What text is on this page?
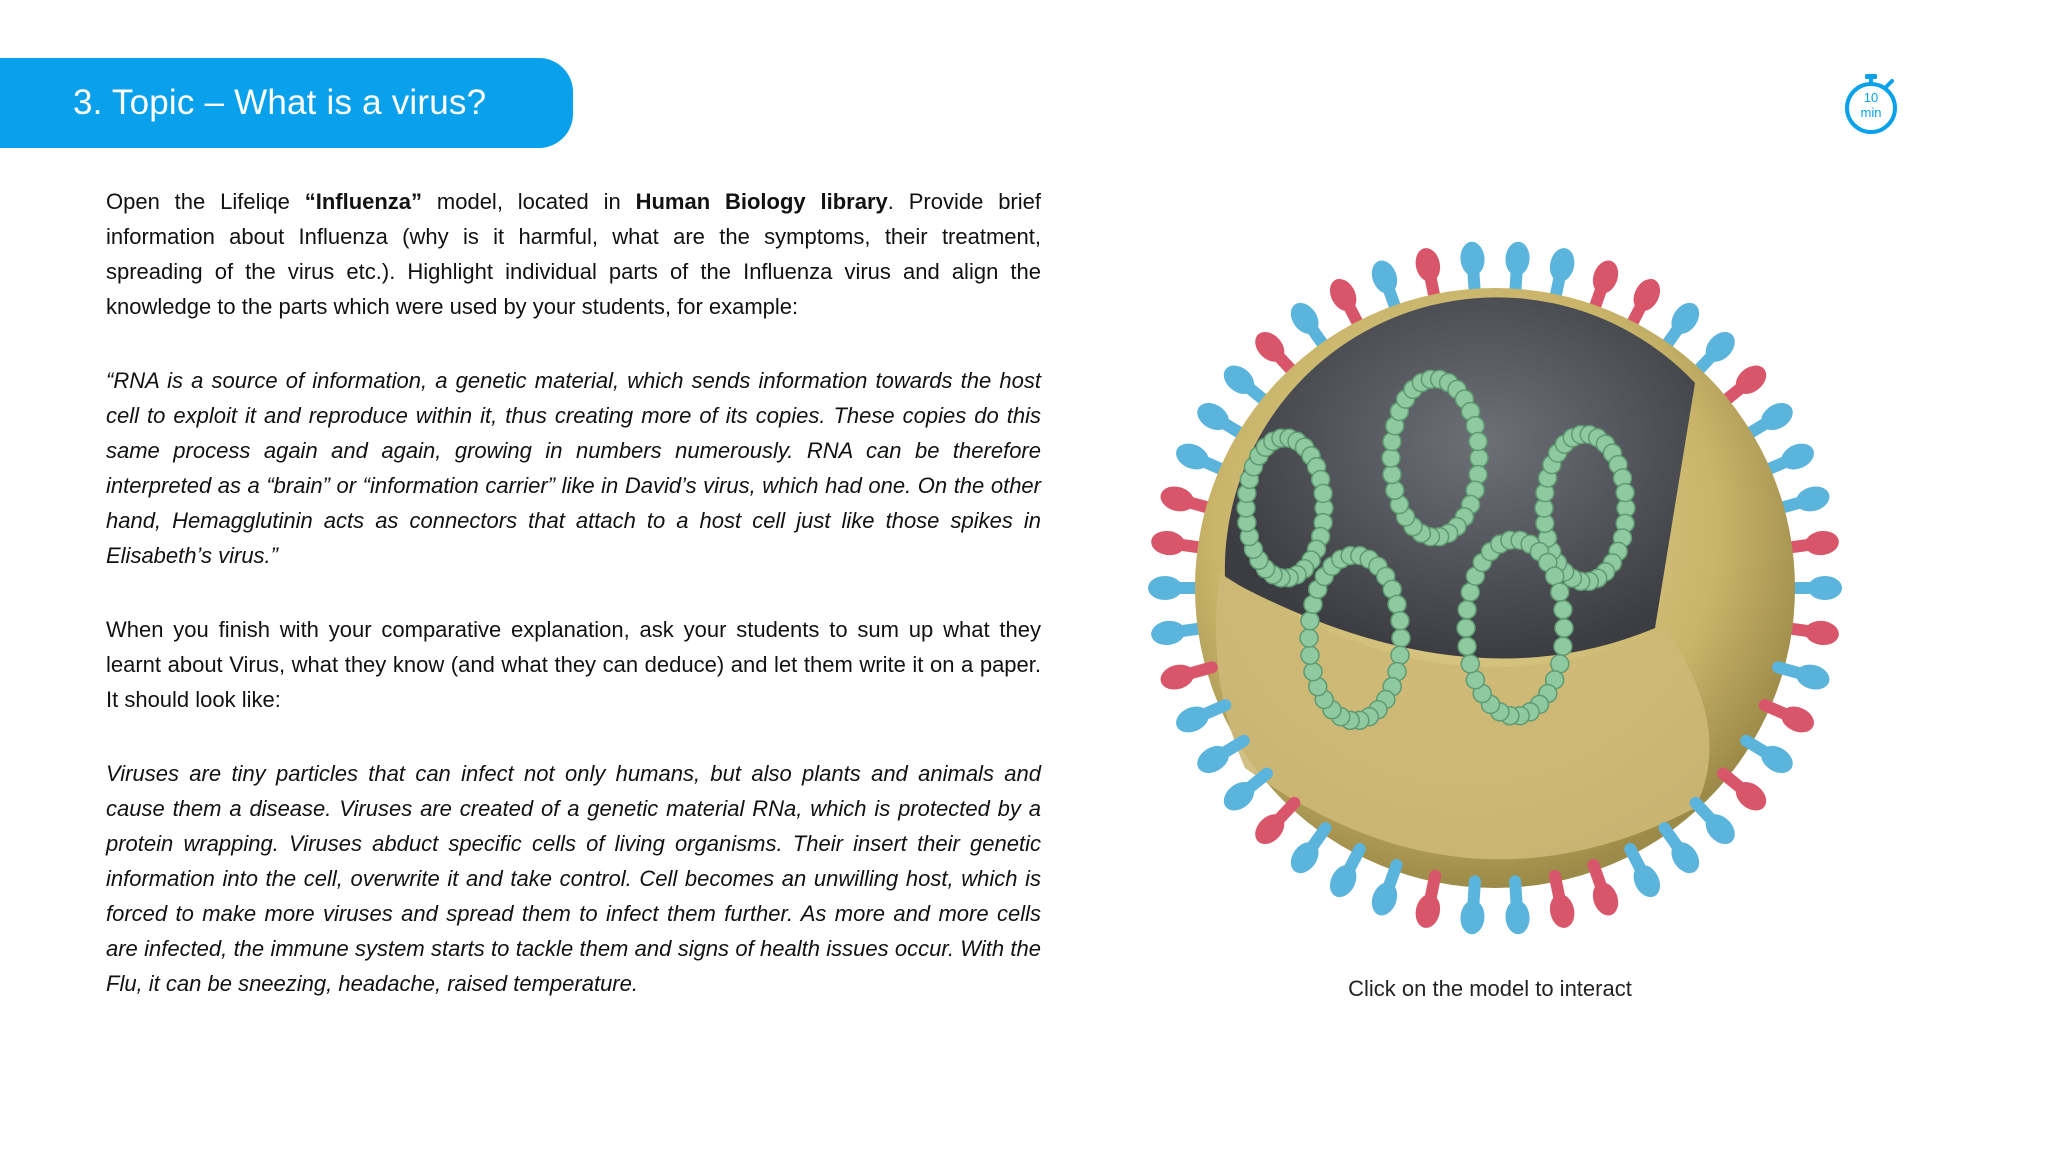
3. Topic – What is a virus?	10
min

Open the Lifeliqe “Influenza” model, located in Human Biology library. Provide brief information about Influenza (why is it harmful, what are the symptoms, their treatment, spreading of the virus etc.). Highlight individual parts of the Influenza virus and align the knowledge to the parts which were used by your students, for example:

“RNA is a source of information, a genetic material, which sends information towards the host cell to exploit it and reproduce within it, thus creating more of its copies. These copies do this same process again and again, growing in numbers numerously. RNA can be therefore interpreted as a “brain” or “information carrier” like in David’s virus, which had one. On the other hand, Hemagglutinin acts as connectors that attach to a host cell just like those spikes in Elisabeth’s virus.”

When you finish with your comparative explanation, ask your students to sum up what they learnt about Virus, what they know (and what they can deduce) and let them write it on a paper. It should look like:

Viruses are tiny particles that can infect not only humans, but also plants and animals and cause them a disease. Viruses are created of a genetic material RNa, which is protected by a protein wrapping. Viruses abduct specific cells of living organisms. Their insert their genetic information into the cell, overwrite it and take control. Cell becomes an unwilling host, which is forced to make more viruses and spread them to infect them further. As more and more cells are infected, the immune system starts to tackle them and signs of health issues occur. With the Flu, it can be sneezing, headache, raised temperature.	Click on the model to interact
